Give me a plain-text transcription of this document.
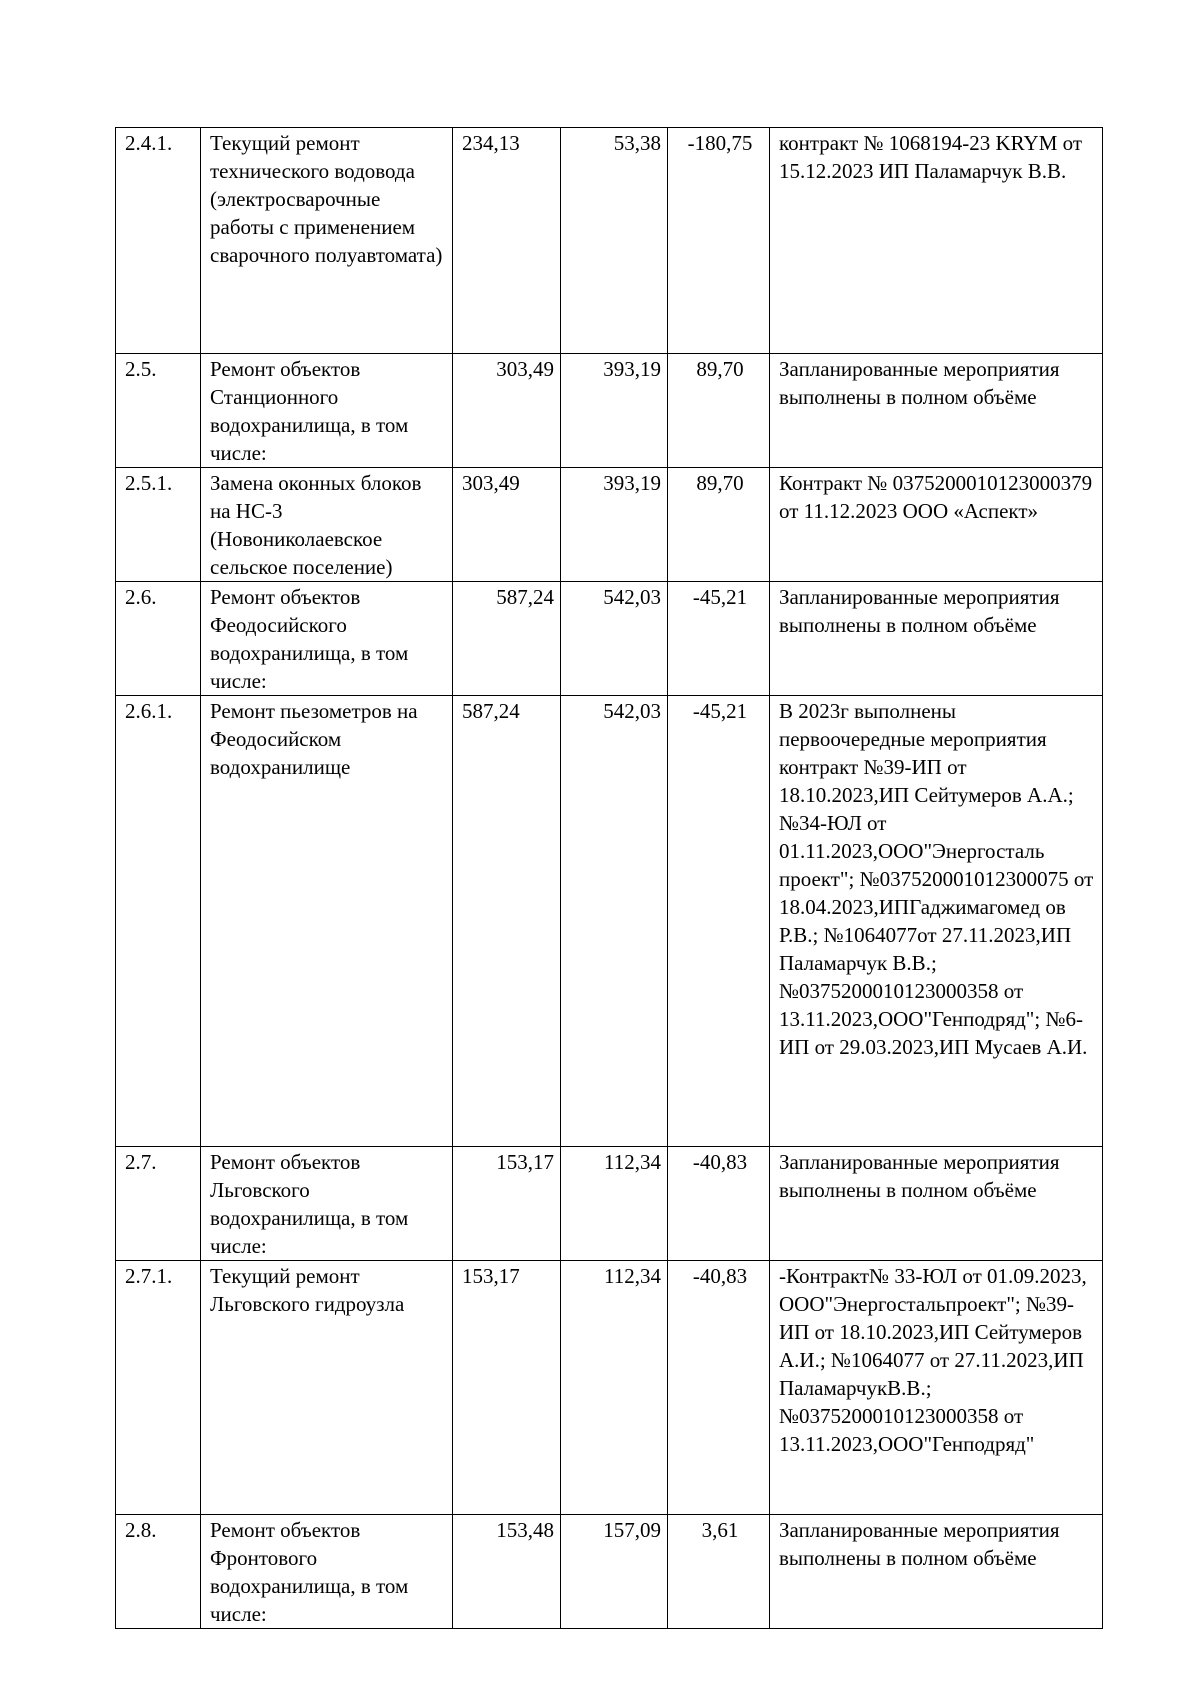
2.4.1.	Текущий ремонт технического водовода (электросварочные работы с применением сварочного полуавтомата)	234,13	53,38	-180,75	контракт № 1068194-23 KRYM от 15.12.2023 ИП Паламарчук В.В.
2.5.	Ремонт объектов Станционного водохранилища, в том числе:	303,49	393,19	89,70	Запланированные мероприятия выполнены в полном объёме
2.5.1.	Замена оконных блоков на НС-3 (Новониколаевское сельское поселение)	303,49	393,19	89,70	Контракт № 0375200010123000379 от 11.12.2023 ООО «Аспект»
2.6.	Ремонт объектов Феодосийского водохранилища, в том числе:	587,24	542,03	-45,21	Запланированные мероприятия выполнены в полном объёме
2.6.1.	Ремонт пьезометров на Феодосийском водохранилище	587,24	542,03	-45,21	В 2023г выполнены первоочередные мероприятия контракт №39-ИП от 18.10.2023,ИП Сейтумеров А.А.; №34-ЮЛ от 01.11.2023,ООО"Энергосталь проект"; №037520001012300075 от 18.04.2023,ИПГаджимагомед ов Р.В.; №1064077от 27.11.2023,ИП Паламарчук В.В.; №0375200010123000358 от 13.11.2023,ООО"Генподряд"; №6-ИП от 29.03.2023,ИП Мусаев А.И.
2.7.	Ремонт объектов Льговского водохранилища, в том числе:	153,17	112,34	-40,83	Запланированные мероприятия выполнены в полном объёме
2.7.1.	Текущий ремонт Льговского гидроузла	153,17	112,34	-40,83	-Контракт№ 33-ЮЛ от 01.09.2023, ООО"Энергостальпроект"; №39-ИП от 18.10.2023,ИП Сейтумеров А.И.; №1064077 от 27.11.2023,ИП ПаламарчукВ.В.; №0375200010123000358 от 13.11.2023,ООО"Генподряд"
2.8.	Ремонт объектов Фронтового водохранилища, в том числе:	153,48	157,09	3,61	Запланированные мероприятия выполнены в полном объёме
